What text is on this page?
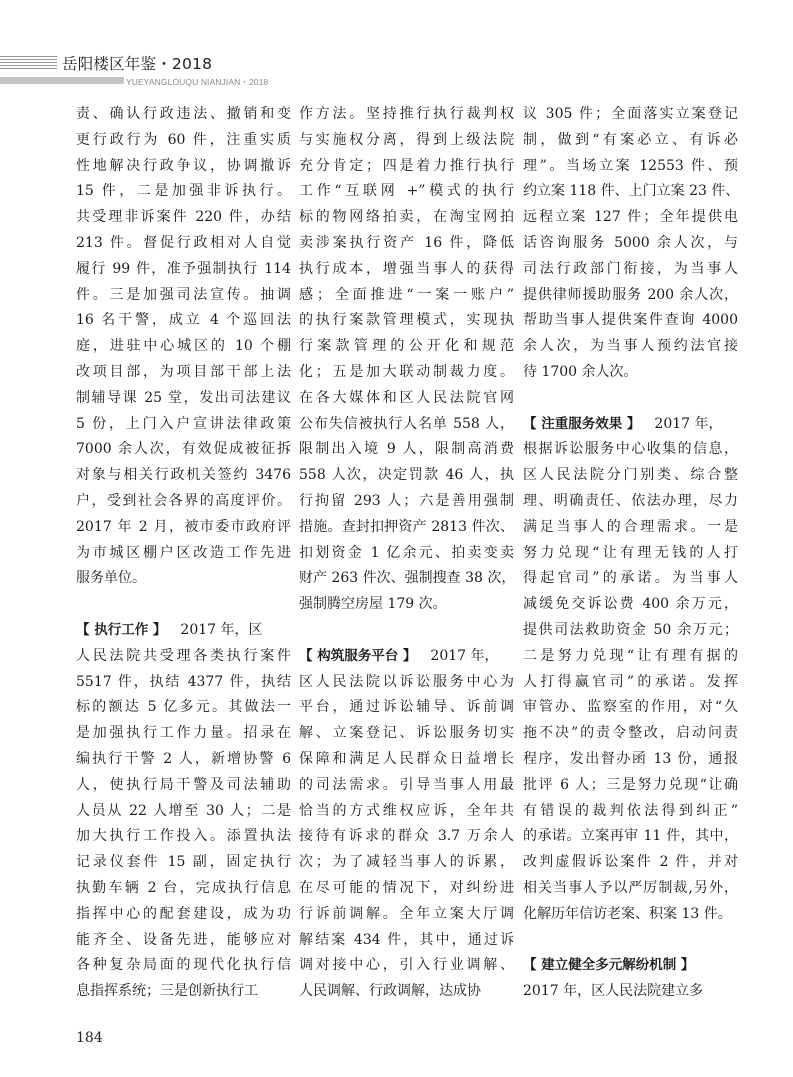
岳阳楼区年鉴・2018
YUEYANGLOUQU NIANJIAN・2018
责、确认行政违法、撤销和变
更行政行为 60 件，注重实质
性地解决行政争议，协调撤诉
15 件，二是加强非诉执行。
共受理非诉案件 220 件，办结
213 件。督促行政相对人自觉
履行 99 件，准予强制执行 114
件。三是加强司法宣传。抽调
16 名干警，成立 4 个巡回法
庭，进驻中心城区的 10 个棚
改项目部，为项目部干部上法
制辅导课 25 堂，发出司法建议
5 份，上门入户宣讲法律政策
7000 余人次，有效促成被征拆
对象与相关行政机关签约 3476
户，受到社会各界的高度评价。
2017 年 2 月，被市委市政府评
为市城区棚户区改造工作先进
服务单位。
【 执行工作 】 2017 年，区
人民法院共受理各类执行案件
5517 件，执结 4377 件，执结
标的额达 5 亿多元。其做法一
是加强执行工作力量。招录在
编执行干警 2 人，新增协警 6
人，使执行局干警及司法辅助
人员从 22 人增至 30 人；二是
加大执行工作投入。添置执法
记录仪套件 15 副，固定执行
执勤车辆 2 台，完成执行信息
指挥中心的配套建设，成为功
能齐全、设备先进，能够应对
各种复杂局面的现代化执行信
息指挥系统；三是创新执行工
作方法。坚持推行执行裁判权
与实施权分离，得到上级法院
充分肯定；四是着力推行执行
工作“互联网 +”模式的执行
标的物网络拍卖，在淘宝网拍
卖涉案执行资产 16 件，降低
执行成本，增强当事人的获得
感；全面推进“一案一账户”
的执行案款管理模式，实现执
行案款管理的公开化和规范
化；五是加大联动制裁力度。
在各大媒体和区人民法院官网
公布失信被执行人名单 558 人，
限制出入境 9 人，限制高消费
558 人次，决定罚款 46 人，执
行拘留 293 人；六是善用强制
措施。查封扣押资产 2813 件次、
扣划资金 1 亿余元、拍卖变卖
财产 263 件次、强制搜查 38 次，
强制腾空房屋 179 次。
【 构筑服务平台 】 2017 年，
区人民法院以诉讼服务中心为
平台，通过诉讼辅导、诉前调
解、立案登记、诉讼服务切实
保障和满足人民群众日益增长
的司法需求。引导当事人用最
恰当的方式维权应诉，全年共
接待有诉求的群众 3.7 万余人
次；为了减轻当事人的诉累，
在尽可能的情况下，对纠纷进
行诉前调解。全年立案大厅调
解结案 434 件，其中，通过诉
调对接中心，引入行业调解、
人民调解、行政调解，达成协
议 305 件；全面落实立案登记
制，做到“有案必立、有诉必
理”。当场立案 12553 件、预
约立案 118 件、上门立案 23 件、
远程立案 127 件；全年提供电
话咨询服务 5000 余人次，与
司法行政部门衔接，为当事人
提供律师援助服务 200 余人次，
帮助当事人提供案件查询 4000
余人次，为当事人预约法官接
待 1700 余人次。
【 注重服务效果 】 2017 年，
根据诉讼服务中心收集的信息，
区人民法院分门别类、综合整
理、明确责任、依法办理，尽力
满足当事人的合理需求。一是
努力兑现“让有理无钱的人打
得起官司”的承诺。为当事人
减缓免交诉讼费 400 余万元，
提供司法救助资金 50 余万元；
二是努力兑现“让有理有据的
人打得赢官司”的承诺。发挥
审管办、监察室的作用，对“久
拖不决”的责令整改，启动问责
程序，发出督办函 13 份，通报
批评 6 人；三是努力兑现“让确
有错误的裁判依法得到纠正”
的承诺。立案再审 11 件，其中，
改判虚假诉讼案件 2 件，并对
相关当事人予以严厉制裁,另外，
化解历年信访老案、积案 13 件。
【 建立健全多元解纷机制 】
2017 年，区人民法院建立多
184
